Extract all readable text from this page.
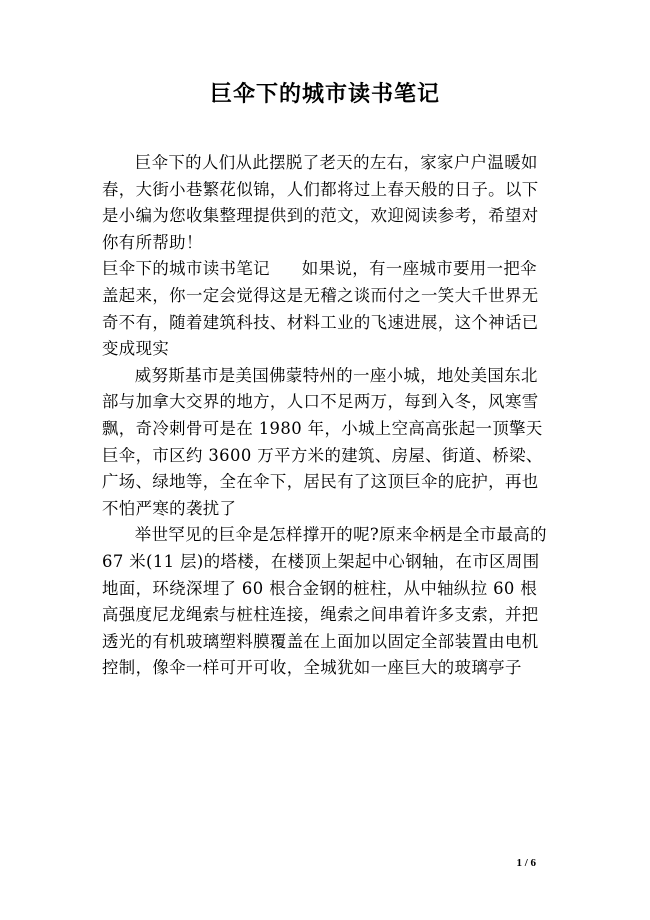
巨伞下的城市读书笔记

巨伞下的人们从此摆脱了老天的左右，家家户户温暖如春，大街小巷繁花似锦，人们都将过上春天般的日子。以下是小编为您收集整理提供到的范文，欢迎阅读参考，希望对你有所帮助！

巨伞下的城市读书笔记 如果说，有一座城市要用一把伞盖起来，你一定会觉得这是无稽之谈而付之一笑大千世界无奇不有，随着建筑科技、材料工业的飞速进展，这个神话已变成现实

威努斯基市是美国佛蒙特州的一座小城，地处美国东北部与加拿大交界的地方，人口不足两万，每到入冬，风寒雪飘，奇冷刺骨可是在 1980 年，小城上空高高张起一顶擎天巨伞，市区约 3600 万平方米的建筑、房屋、街道、桥梁、广场、绿地等，全在伞下，居民有了这顶巨伞的庇护，再也不怕严寒的袭扰了

举世罕见的巨伞是怎样撑开的呢?原来伞柄是全市最高的 67 米(11 层)的塔楼，在楼顶上架起中心钢轴，在市区周围地面，环绕深埋了 60 根合金钢的桩柱，从中轴纵拉 60 根高强度尼龙绳索与桩柱连接，绳索之间串着许多支索，并把透光的有机玻璃塑料膜覆盖在上面加以固定全部装置由电机控制，像伞一样可开可收，全城犹如一座巨大的玻璃亭子

1 / 6
